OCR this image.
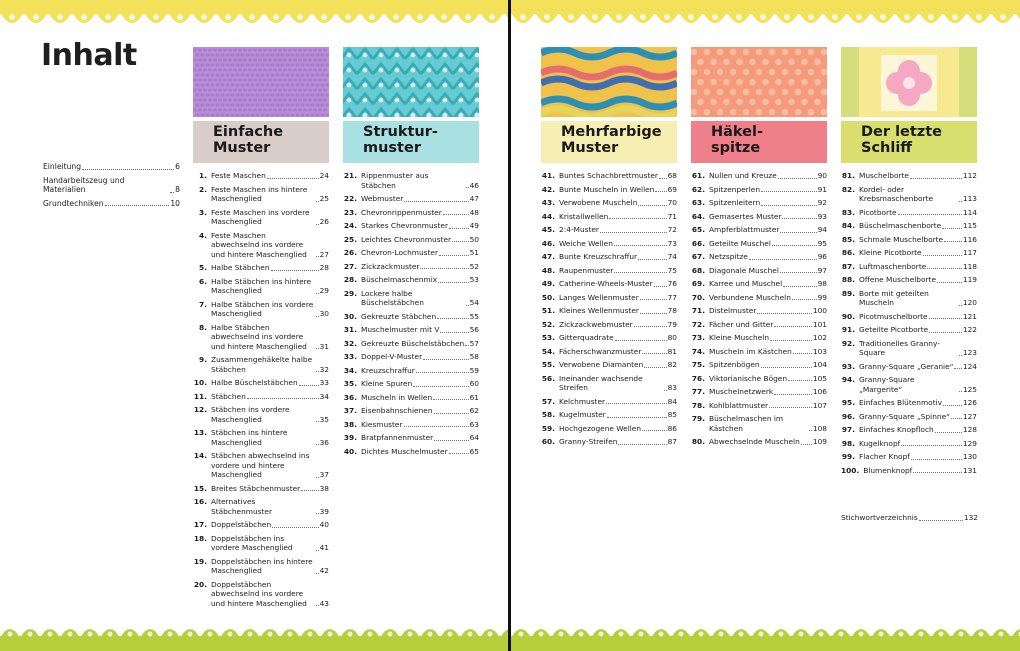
Inhalt
Einleitung	6
Handarbeitszeug und Materialien	8
Grundtechniken	10
Einfache
Muster
1. Feste Maschen	24
2. Feste Maschen ins hintere Maschenglied	25
3. Feste Maschen ins vordere Maschenglied	26
4. Feste Maschen abwechselnd ins vordere und hintere Maschenglied	27
5. Halbe Stäbchen	28
6. Halbe Stäbchen ins hintere Maschenglied	29
7. Halbe Stäbchen ins vordere Maschenglied	30
8. Halbe Stäbchen abwechselnd ins vordere und hintere Maschenglied	31
9. Zusammengehäkelte halbe Stäbchen	32
10. Halbe Büschelstäbchen	33
11. Stäbchen	34
12. Stäbchen ins vordere Maschenglied	35
13. Stäbchen ins hintere Maschenglied	36
14. Stäbchen abwechselnd ins vordere und hintere Maschenglied	37
15. Breites Stäbchenmuster	38
16. Alternatives Stäbchenmuster	39
17. Doppelstäbchen	40
18. Doppelstäbchen ins vordere Maschenglied	41
19. Doppelstäbchen ins hintere Maschenglied	42
20. Doppelstäbchen abwechselnd ins vordere und hintere Maschenglied	43
Struktur-
muster
21. Rippenmuster aus Stäbchen	46
22. Webmuster	47
23. Chevronrippenmuster	48
24. Starkes Chevronmuster	49
25. Leichtes Chevronmuster	50
26. Chevron-Lochmuster	51
27. Zickzackmuster	52
28. Büschelmaschenmix	53
29. Lockere halbe Büschelstäbchen	54
30. Gekreuzte Stäbchen	55
31. Muschelmuster mit V	56
32. Gekreuzte Büschelstäbchen 57
33. Doppel-V-Muster	58
34. Kreuzschraffur	59
35. Kleine Spuren	60
36. Muscheln in Wellen	61
37. Eisenbahnschienen	62
38. Kiesmuster	63
39. Bratpfannenmuster	64
40. Dichtes Muschelmuster	65
Mehrfarbige
Muster
41. Buntes Schachbrettmuster 68
42. Bunte Muscheln in Wellen 69
43. Verwobene Muscheln	70
44. Kristallwellen	71
45. 2:4-Muster	72
46. Weiche Wellen	73
47. Bunte Kreuzschraffur	74
48. Raupenmuster	75
49. Catherine-Wheels-Muster 76
50. Langes Wellenmuster	77
51. Kleines Wellenmuster	78
52. Zickzackwebmuster	79
53. Gitterquadrate	80
54. Fächerschwanzmuster	81
55. Verwobene Diamanten	82
56. Ineinander wachsende Streifen	83
57. Kelchmuster	84
58. Kugelmuster	85
59. Hochgezogene Wellen	86
60. Granny-Streifen	87
Häkel-
spitze
61. Nullen und Kreuze	90
62. Spitzenperlen	91
63. Spitzenleitern	92
64. Gemasertes Muster	93
65. Ampferblattmuster	94
66. Geteilte Muschel	95
67. Netzspitze	96
68. Diagonale Muschel	97
69. Karree und Muschel	98
70. Verbundene Muscheln	99
71. Distelmuster	100
72. Fächer und Gitter	101
73. Kleine Muscheln	102
74. Muscheln im Kästchen	103
75. Spitzenbögen	104
76. Viktorianische Bögen	105
77. Muschelnetzwerk	106
78. Kohlblattmuster	107
79. Büschelmaschen im Kästchen	108
80. Abwechselnde Muscheln 109
Der letzte
Schliff
81. Muschelborte	112
82. Kordel- oder Krebsmaschenborte	113
83. Picotborte	114
84. Büschelmaschenborte	115
85. Schmale Muschelborte	116
86. Kleine Picotborte	117
87. Luftmaschenborte	118
88. Offene Muschelborte	119
89. Borte mit geteilten Muscheln	120
90. Picotmuschelborte	121
91. Geteilte Picotborte	122
92. Traditionelles Granny-Square	123
93. Granny-Square „Geranie“ 124
94. Granny-Square „Margerite“	125
95. Einfaches Blütenmotiv	126
96. Granny-Square „Spinne“ 127
97. Einfaches Knopfloch	128
98. Kugelknopf	129
99. Flacher Knopf	130
100. Blumenknopf	131
Stichwortverzeichnis	132
